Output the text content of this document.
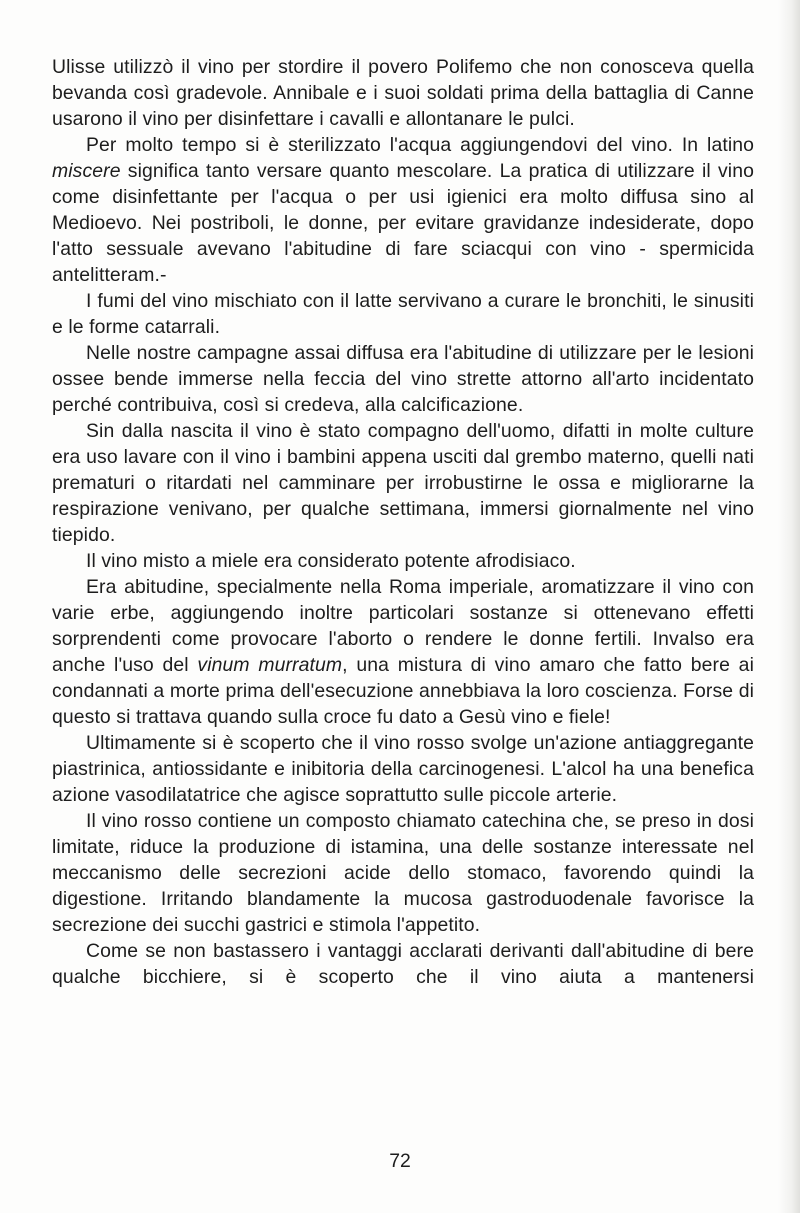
Ulisse utilizzò il vino per stordire il povero Polifemo che non conosceva quella bevanda così gradevole. Annibale e i suoi soldati prima della battaglia di Canne usarono il vino per disinfettare i cavalli e allontanare le pulci.

Per molto tempo si è sterilizzato l'acqua aggiungendovi del vino. In latino miscere significa tanto versare quanto mescolare. La pratica di utilizzare il vino come disinfettante per l'acqua o per usi igienici era molto diffusa sino al Medioevo. Nei postriboli, le donne, per evitare gravidanze indesiderate, dopo l'atto sessuale avevano l'abitudine di fare sciacqui con vino - spermicida antelitteram.-

I fumi del vino mischiato con il latte servivano a curare le bronchiti, le sinusiti e le forme catarrali.

Nelle nostre campagne assai diffusa era l'abitudine di utilizzare per le lesioni ossee bende immerse nella feccia del vino strette attorno all'arto incidentato perché contribuiva, così si credeva, alla calcificazione.

Sin dalla nascita il vino è stato compagno dell'uomo, difatti in molte culture era uso lavare con il vino i bambini appena usciti dal grembo materno, quelli nati prematuri o ritardati nel camminare per irrobustirne le ossa e migliorarne la respirazione venivano, per qualche settimana, immersi giornalmente nel vino tiepido.

Il vino misto a miele era considerato potente afrodisiaco.

Era abitudine, specialmente nella Roma imperiale, aromatizzare il vino con varie erbe, aggiungendo inoltre particolari sostanze si ottenevano effetti sorprendenti come provocare l'aborto o rendere le donne fertili. Invalso era anche l'uso del vinum murratum, una mistura di vino amaro che fatto bere ai condannati a morte prima dell'esecuzione annebbiava la loro coscienza. Forse di questo si trattava quando sulla croce fu dato a Gesù vino e fiele!

Ultimamente si è scoperto che il vino rosso svolge un'azione antiaggregante piastrinica, antiossidante e inibitoria della carcinogenesi. L'alcol ha una benefica azione vasodilatatrice che agisce soprattutto sulle piccole arterie.

Il vino rosso contiene un composto chiamato catechina che, se preso in dosi limitate, riduce la produzione di istamina, una delle sostanze interessate nel meccanismo delle secrezioni acide dello stomaco, favorendo quindi la digestione. Irritando blandamente la mucosa gastroduodenale favorisce la secrezione dei succhi gastrici e stimola l'appetito.

Come se non bastassero i vantaggi acclarati derivanti dall'abitudine di bere qualche bicchiere, si è scoperto che il vino aiuta a mantenersi

72
